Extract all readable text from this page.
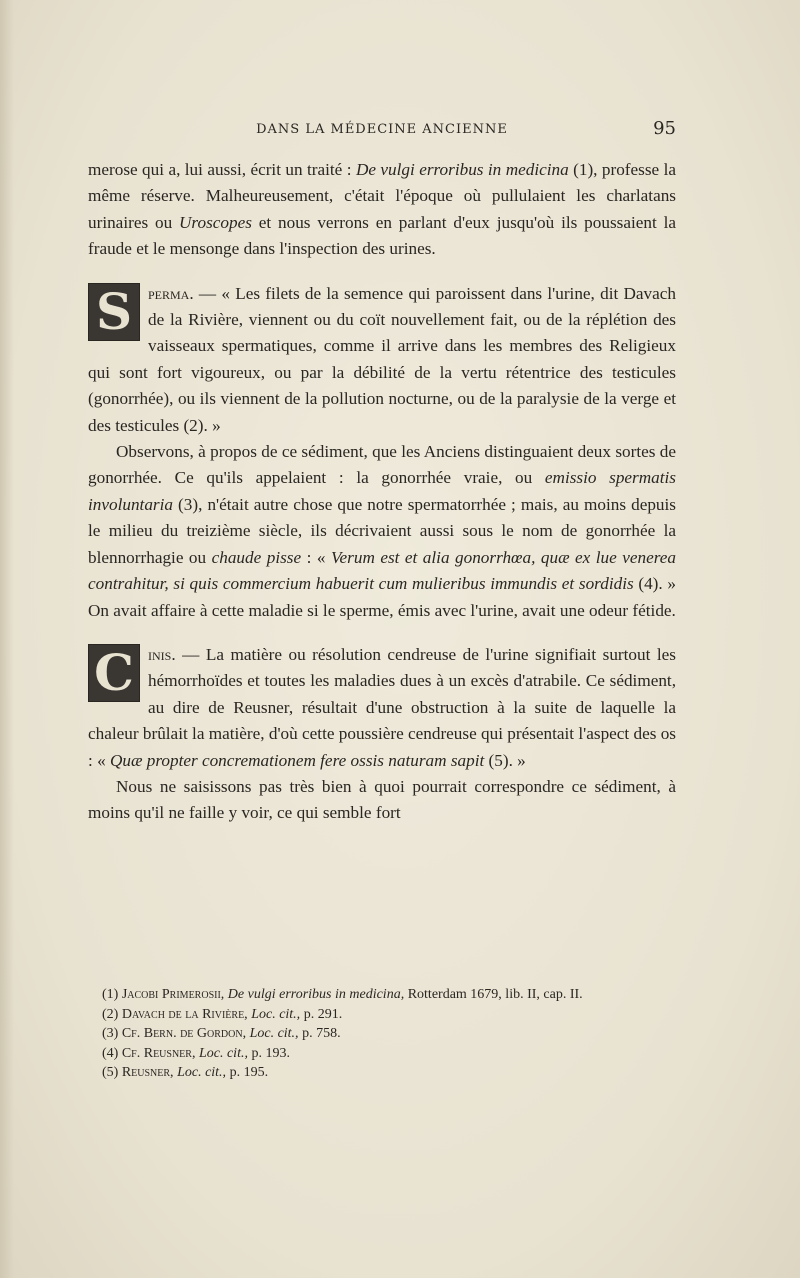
DANS LA MÉDECINE ANCIENNE	95

merose qui a, lui aussi, écrit un traité : De vulgi erroribus in medicina (1), professe la même réserve. Malheureusement, c'était l'époque où pullulaient les charlatans urinaires ou Uroscopes et nous verrons en parlant d'eux jusqu'où ils poussaient la fraude et le mensonge dans l'inspection des urines.

S perma. — « Les filets de la semence qui paroissent dans l'urine, dit Davach de la Rivière, viennent ou du coït nouvellement fait, ou de la réplétion des vaisseaux spermatiques, comme il arrive dans les membres des Religieux qui sont fort vigoureux, ou par la débilité de la vertu rétentrice des testicules (gonorrhée), ou ils viennent de la pollution nocturne, ou de la paralysie de la verge et des testicules (2). »

Observons, à propos de ce sédiment, que les Anciens distinguaient deux sortes de gonorrhée. Ce qu'ils appelaient : la gonorrhée vraie, ou emissio spermatis involuntaria (3), n'était autre chose que notre spermatorrhée ; mais, au moins depuis le milieu du treizième siècle, ils décrivaient aussi sous le nom de gonorrhée la blennorrhagie ou chaude pisse : « Verum est et alia gonorrhœa, quæ ex lue venerea contrahitur, si quis commercium habuerit cum mulieribus immundis et sordidis (4). » On avait affaire à cette maladie si le sperme, émis avec l'urine, avait une odeur fétide.

C inis. — La matière ou résolution cendreuse de l'urine signifiait surtout les hémorrhoïdes et toutes les maladies dues à un excès d'atrabile. Ce sédiment, au dire de Reusner, résultait d'une obstruction à la suite de laquelle la chaleur brûlait la matière, d'où cette poussière cendreuse qui présentait l'aspect des os : « Quæ propter concremationem fere ossis naturam sapit (5). »

Nous ne saisissons pas très bien à quoi pourrait correspondre ce sédiment, à moins qu'il ne faille y voir, ce qui semble fort

(1) Jacobi Primerosii, De vulgi erroribus in medicina, Rotterdam 1679, lib. II, cap. II.

(2) Davach de la Rivière, Loc. cit., p. 291.

(3) Cf. Bern. de Gordon, Loc. cit., p. 758.

(4) Cf. Reusner, Loc. cit., p. 193.

(5) Reusner, Loc. cit., p. 195.
